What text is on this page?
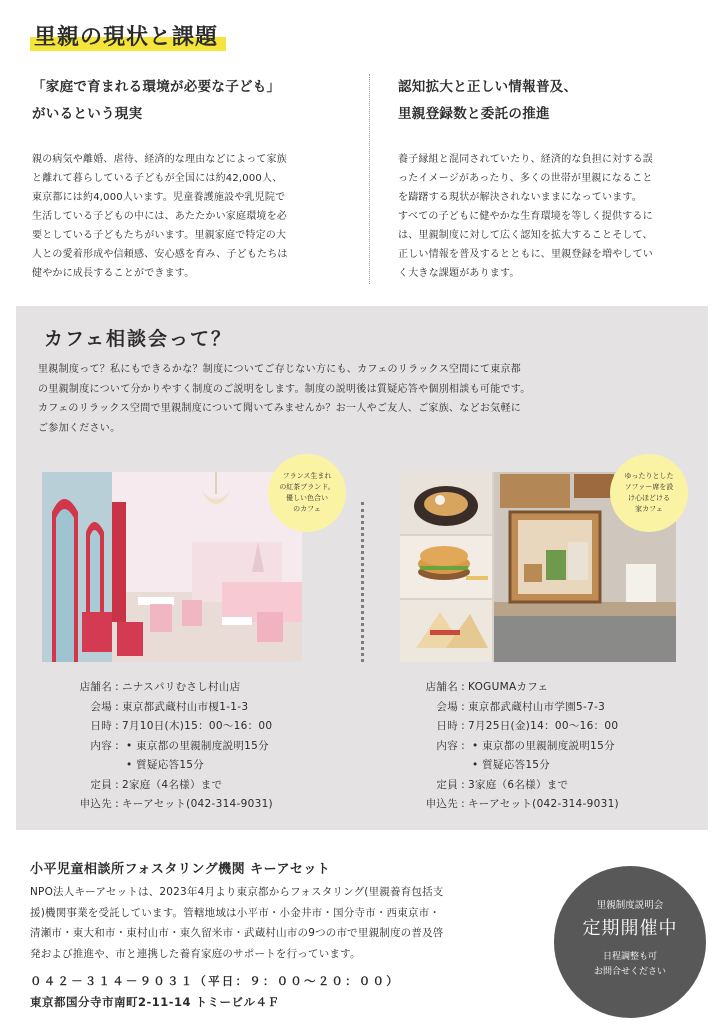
里親の現状と課題
「家庭で育まれる環境が必要な子ども」
がいるという現実

親の病気や離婚、虐待、経済的な理由などによって家族
と離れて暮らしている子どもが全国には約42,000人、
東京都には約4,000人います。児童養護施設や乳児院で
生活している子どもの中には、あたたかい家庭環境を必
要としている子どもたちがいます。里親家庭で特定の大
人との愛着形成や信頼感、安心感を育み、子どもたちは
健やかに成長することができます。

認知拡大と正しい情報普及、
里親登録数と委託の推進

養子縁組と混同されていたり、経済的な負担に対する誤
ったイメージがあったり、多くの世帯が里親になること
を躊躇する現状が解決されないままになっています。
すべての子どもに健やかな生育環境を等しく提供するに
は、里親制度に対して広く認知を拡大することそして、
正しい情報を普及するとともに、里親登録を増やしてい
く大きな課題があります。

カフェ相談会って？
里親制度って？私にもできるかな？制度についてご存じない方にも、カフェのリラックス空間にて東京都
の里親制度について分かりやすく制度のご説明をします。制度の説明後は質疑応答や個別相談も可能です。
カフェのリラックス空間で里親制度について聞いてみませんか？お一人やご友人、ご家族、などお気軽に
ご参加ください。
フランス生まれ
の紅茶ブランド。
優しい色合い
のカフェ
ゆったりとした
ソファー席を設
け心ほどける
家カフェ
店舗名 : ニナスパリむさし村山店
会場 : 東京都武蔵村山市榎1-1-3
日時 : 7月10日(木)15：00～16：00
内容 : • 東京都の里親制度説明15分
• 質疑応答15分
定員 : 2家庭（4名様）まで
申込先 : キーアセット(042-314-9031)
店舗名 : KOGUMAカフェ
会場 : 東京都武蔵村山市学園5-7-3
日時 : 7月25日(金)14：00～16：00
内容 : • 東京都の里親制度説明15分
• 質疑応答15分
定員 : 3家庭（6名様）まで
申込先 : キーアセット(042-314-9031)
小平児童相談所フォスタリング機関 キーアセット
NPO法人キーアセットは、2023年4月より東京都からフォスタリング(里親養育包括支
援)機関事業を受託しています。管轄地域は小平市・小金井市・国分寺市・西東京市・
清瀬市・東大和市・東村山市・東久留米市・武蔵村山市の9つの市で里親制度の普及啓
発および推進や、市と連携した養育家庭のサポートを行っています。
０４２－３１４－９０３１（平日：９：００～２０：００）
東京都国分寺市南町2-11-14 トミービル４Ｆ
里親制度説明会
定期開催中
日程調整も可
お問合せください
